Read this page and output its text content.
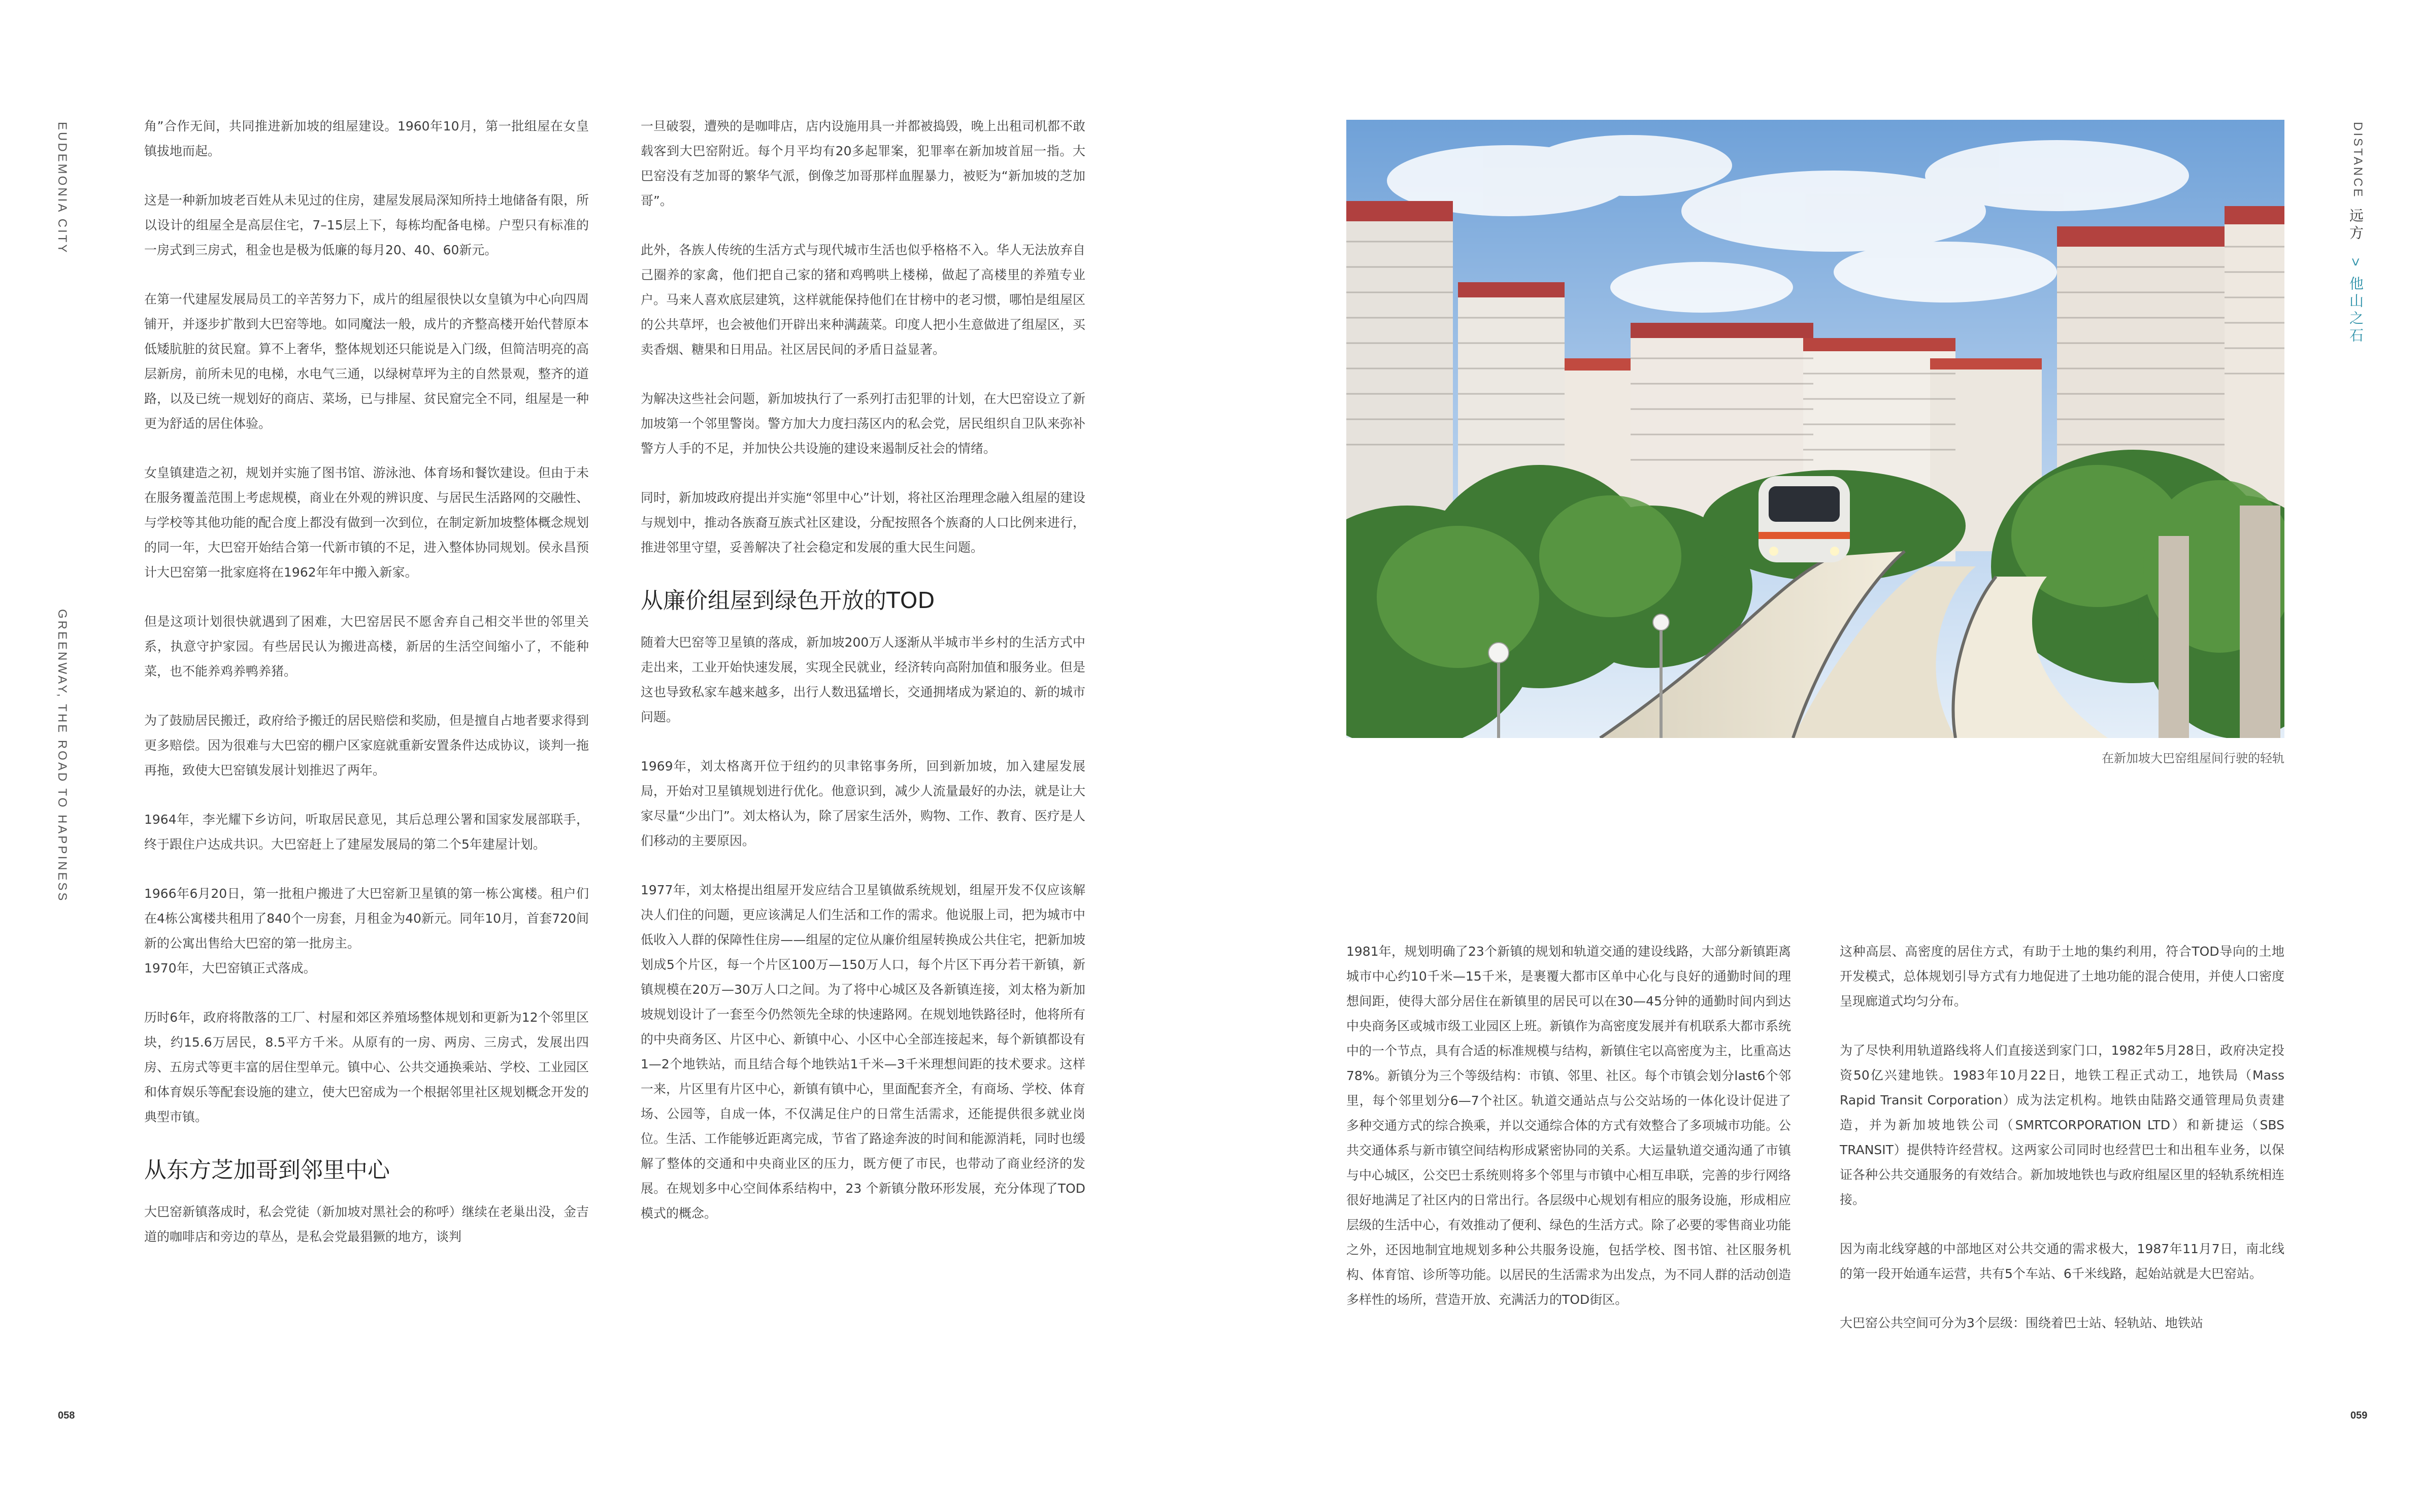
EUDEMONIA CITY
GREENWAY, THE ROAD TO HAPPINESS
DISTANCE
远方 > 他山之石

角”合作无间，共同推进新加坡的组屋建设。1960年10月，第一批组屋在女皇镇拔地而起。

这是一种新加坡老百姓从未见过的住房，建屋发展局深知所持土地储备有限，所以设计的组屋全是高层住宅，7–15层上下，每栋均配备电梯。户型只有标准的一房式到三房式，租金也是极为低廉的每月20、40、60新元。

在第一代建屋发展局员工的辛苦努力下，成片的组屋很快以女皇镇为中心向四周铺开，并逐步扩散到大巴窑等地。如同魔法一般，成片的齐整高楼开始代替原本低矮肮脏的贫民窟。算不上奢华，整体规划还只能说是入门级，但简洁明亮的高层新房，前所未见的电梯，水电气三通，以绿树草坪为主的自然景观，整齐的道路，以及已统一规划好的商店、菜场，已与排屋、贫民窟完全不同，组屋是一种更为舒适的居住体验。

女皇镇建造之初，规划并实施了图书馆、游泳池、体育场和餐饮建设。但由于未在服务覆盖范围上考虑规模，商业在外观的辨识度、与居民生活路网的交融性、与学校等其他功能的配合度上都没有做到一次到位，在制定新加坡整体概念规划的同一年，大巴窑开始结合第一代新市镇的不足，进入整体协同规划。侯永昌预计大巴窑第一批家庭将在1962年年中搬入新家。

但是这项计划很快就遇到了困难，大巴窑居民不愿舍弃自己相交半世的邻里关系，执意守护家园。有些居民认为搬进高楼，新居的生活空间缩小了，不能种菜，也不能养鸡养鸭养猪。

为了鼓励居民搬迁，政府给予搬迁的居民赔偿和奖励，但是擅自占地者要求得到更多赔偿。因为很难与大巴窑的棚户区家庭就重新安置条件达成协议，谈判一拖再拖，致使大巴窑镇发展计划推迟了两年。

1964年，李光耀下乡访问，听取居民意见，其后总理公署和国家发展部联手，终于跟住户达成共识。大巴窑赶上了建屋发展局的第二个5年建屋计划。

1966年6月20日，第一批租户搬进了大巴窑新卫星镇的第一栋公寓楼。租户们在4栋公寓楼共租用了840个一房套，月租金为40新元。同年10月，首套720间新的公寓出售给大巴窑的第一批房主。
1970年，大巴窑镇正式落成。

历时6年，政府将散落的工厂、村屋和郊区养殖场整体规划和更新为12个邻里区块，约15.6万居民，8.5平方千米。从原有的一房、两房、三房式，发展出四房、五房式等更丰富的居住型单元。镇中心、公共交通换乘站、学校、工业园区和体育娱乐等配套设施的建立，使大巴窑成为一个根据邻里社区规划概念开发的典型市镇。

从东方芝加哥到邻里中心

大巴窑新镇落成时，私会党徒（新加坡对黑社会的称呼）继续在老巢出没，金吉道的咖啡店和旁边的草丛，是私会党最猖獗的地方，谈判

一旦破裂，遭殃的是咖啡店，店内设施用具一并都被捣毁，晚上出租司机都不敢载客到大巴窑附近。每个月平均有20多起罪案，犯罪率在新加坡首屈一指。大巴窑没有芝加哥的繁华气派，倒像芝加哥那样血腥暴力，被贬为“新加坡的芝加哥”。

此外，各族人传统的生活方式与现代城市生活也似乎格格不入。华人无法放弃自己圈养的家禽，他们把自己家的猪和鸡鸭哄上楼梯，做起了高楼里的养殖专业户。马来人喜欢底层建筑，这样就能保持他们在甘榜中的老习惯，哪怕是组屋区的公共草坪，也会被他们开辟出来种满蔬菜。印度人把小生意做进了组屋区，买卖香烟、糖果和日用品。社区居民间的矛盾日益显著。

为解决这些社会问题，新加坡执行了一系列打击犯罪的计划，在大巴窑设立了新加坡第一个邻里警岗。警方加大力度扫荡区内的私会党，居民组织自卫队来弥补警方人手的不足，并加快公共设施的建设来遏制反社会的情绪。

同时，新加坡政府提出并实施“邻里中心”计划，将社区治理理念融入组屋的建设与规划中，推动各族裔互族式社区建设，分配按照各个族裔的人口比例来进行，推进邻里守望，妥善解决了社会稳定和发展的重大民生问题。

从廉价组屋到绿色开放的TOD

随着大巴窑等卫星镇的落成，新加坡200万人逐渐从半城市半乡村的生活方式中走出来，工业开始快速发展，实现全民就业，经济转向高附加值和服务业。但是这也导致私家车越来越多，出行人数迅猛增长，交通拥堵成为紧迫的、新的城市问题。

1969年，刘太格离开位于纽约的贝聿铭事务所，回到新加坡，加入建屋发展局，开始对卫星镇规划进行优化。他意识到，减少人流量最好的办法，就是让大家尽量“少出门”。刘太格认为，除了居家生活外，购物、工作、教育、医疗是人们移动的主要原因。

1977年，刘太格提出组屋开发应结合卫星镇做系统规划，组屋开发不仅应该解决人们住的问题，更应该满足人们生活和工作的需求。他说服上司，把为城市中低收入人群的保障性住房——组屋的定位从廉价组屋转换成公共住宅，把新加坡划成5个片区，每一个片区100万—150万人口，每个片区下再分若干新镇，新镇规模在20万—30万人口之间。为了将中心城区及各新镇连接，刘太格为新加坡规划设计了一套至今仍然领先全球的快速路网。在规划地铁路径时，他将所有的中央商务区、片区中心、新镇中心、小区中心全部连接起来，每个新镇都设有1—2个地铁站，而且结合每个地铁站1千米—3千米理想间距的技术要求。这样一来，片区里有片区中心，新镇有镇中心，里面配套齐全，有商场、学校、体育场、公园等，自成一体，不仅满足住户的日常生活需求，还能提供很多就业岗位。生活、工作能够近距离完成，节省了路途奔波的时间和能源消耗，同时也缓解了整体的交通和中央商业区的压力，既方便了市民，也带动了商业经济的发展。在规划多中心空间体系结构中，23 个新镇分散环形发展，充分体现了TOD 模式的概念。

在新加坡大巴窑组屋间行驶的轻轨

1981年，规划明确了23个新镇的规划和轨道交通的建设线路，大部分新镇距离城市中心约10千米—15千米，是裹覆大都市区单中心化与良好的通勤时间的理想间距，使得大部分居住在新镇里的居民可以在30—45分钟的通勤时间内到达中央商务区或城市级工业园区上班。新镇作为高密度发展并有机联系大都市系统中的一个节点，具有合适的标准规模与结构，新镇住宅以高密度为主，比重高达78%。新镇分为三个等级结构：市镇、邻里、社区。每个市镇会划分last6个邻里，每个邻里划分6—7个社区。轨道交通站点与公交站场的一体化设计促进了多种交通方式的综合换乘，并以交通综合体的方式有效整合了多项城市功能。公共交通体系与新市镇空间结构形成紧密协同的关系。大运量轨道交通沟通了市镇与中心城区，公交巴士系统则将多个邻里与市镇中心相互串联，完善的步行网络很好地满足了社区内的日常出行。各层级中心规划有相应的服务设施，形成相应层级的生活中心，有效推动了便利、绿色的生活方式。除了必要的零售商业功能之外，还因地制宜地规划多种公共服务设施，包括学校、图书馆、社区服务机构、体育馆、诊所等功能。以居民的生活需求为出发点，为不同人群的活动创造多样性的场所，营造开放、充满活力的TOD街区。

这种高层、高密度的居住方式，有助于土地的集约利用，符合TOD导向的土地开发模式，总体规划引导方式有力地促进了土地功能的混合使用，并使人口密度呈现廊道式均匀分布。

为了尽快利用轨道路线将人们直接送到家门口，1982年5月28日，政府决定投资50亿兴建地铁。1983年10月22日，地铁工程正式动工，地铁局（Mass Rapid Transit Corporation）成为法定机构。地铁由陆路交通管理局负责建造，并为新加坡地铁公司（SMRTCORPORATION LTD）和新捷运（SBS TRANSIT）提供特许经营权。这两家公司同时也经营巴士和出租车业务，以保证各种公共交通服务的有效结合。新加坡地铁也与政府组屋区里的轻轨系统相连接。

因为南北线穿越的中部地区对公共交通的需求极大，1987年11月7日，南北线的第一段开始通车运营，共有5个车站、6千米线路，起始站就是大巴窑站。

大巴窑公共空间可分为3个层级：围绕着巴士站、轻轨站、地铁站

058	059
